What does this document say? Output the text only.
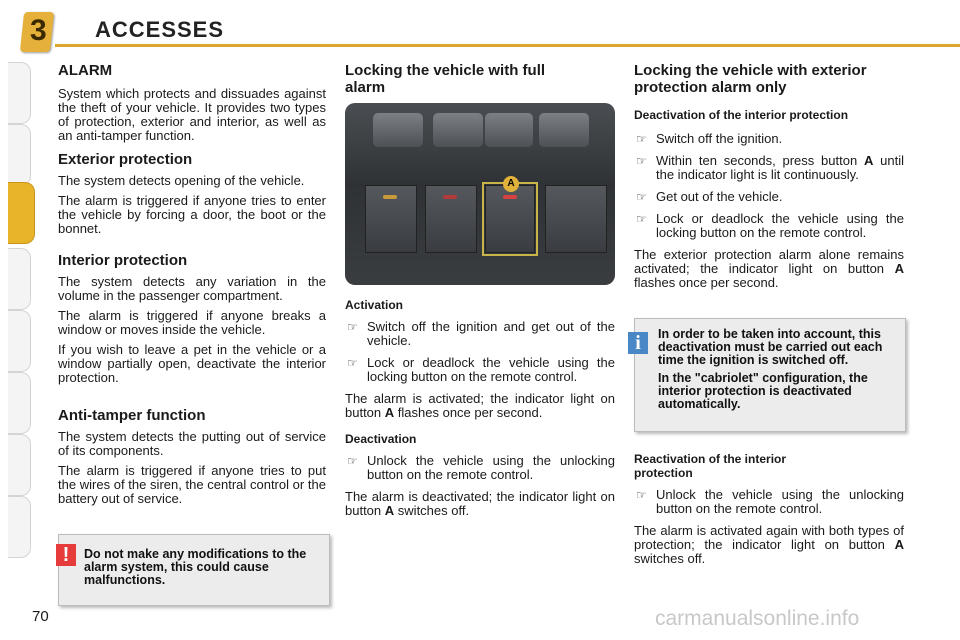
3 ACCESSES
ALARM

System which protects and dissuades against the theft of your vehicle. It provides two types of protection, exterior and interior, as well as an anti-tamper function.

Exterior protection

The system detects opening of the vehicle.

The alarm is triggered if anyone tries to enter the vehicle by forcing a door, the boot or the bonnet.

Interior protection

The system detects any variation in the volume in the passenger compartment.

The alarm is triggered if anyone breaks a window or moves inside the vehicle.

If you wish to leave a pet in the vehicle or a window partially open, deactivate the interior protection.

Anti-tamper function

The system detects the putting out of service of its components.

The alarm is triggered if anyone tries to put the wires of the siren, the central control or the battery out of service.

!	Do not make any modifications to the alarm system, this could cause malfunctions.
Locking the vehicle with full alarm
A
Activation
☞ Switch off the ignition and get out of the vehicle.
☞ Lock or deadlock the vehicle using the locking button on the remote control.

The alarm is activated; the indicator light on button A flashes once per second.

Deactivation
☞ Unlock the vehicle using the unlocking button on the remote control.

The alarm is deactivated; the indicator light on button A switches off.

Locking the vehicle with exterior protection alarm only
Deactivation of the interior protection
☞ Switch off the ignition.
☞ Within ten seconds, press button A until the indicator light is lit continuously.
☞ Get out of the vehicle.
☞ Lock or deadlock the vehicle using the locking button on the remote control.

The exterior protection alarm alone remains activated; the indicator light on button A flashes once per second.

i	In order to be taken into account, this deactivation must be carried out each time the ignition is switched off.
In the "cabriolet" configuration, the interior protection is deactivated automatically.
Reactivation of the interior protection
☞ Unlock the vehicle using the unlocking button on the remote control.

The alarm is activated again with both types of protection; the indicator light on button A switches off.

70	carmanualsonline.info
